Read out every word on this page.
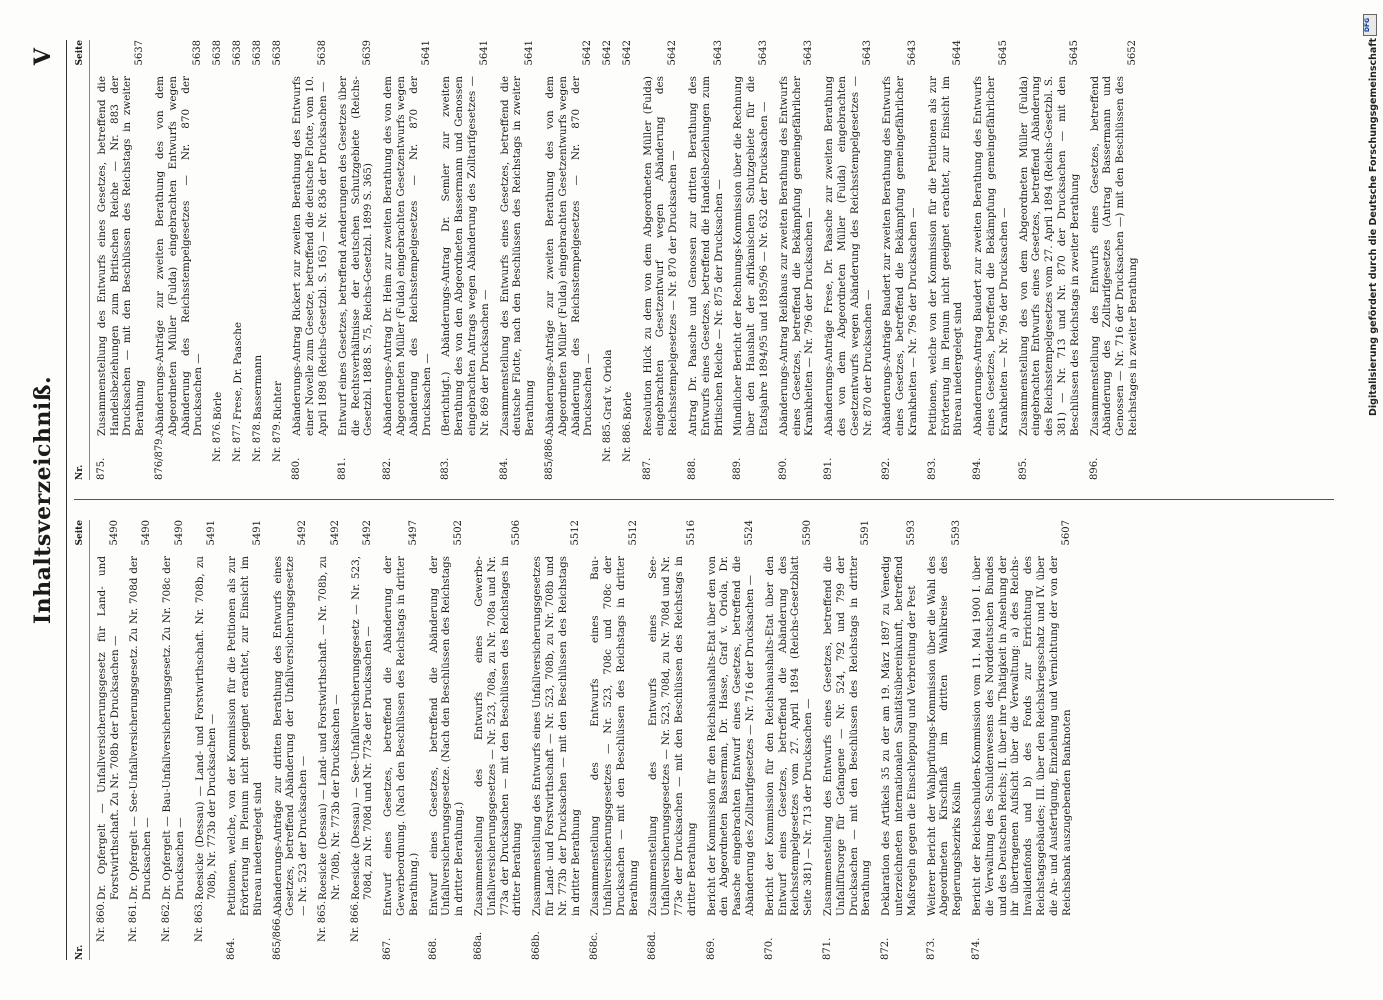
Inhaltsverzeichniß.
V
Nr.
Seite
Nr. 860.
Dr. Opfergelt — Unfallversicherungsgesetz für Land- und Forstwirthschaft. Zu Nr. 708b der Drucksachen —
5490
Nr. 861.
Dr. Opfergelt — See-Unfallversicherungsgesetz. Zu Nr. 708d der Drucksachen —
5490
Nr. 862.
Dr. Opfergelt — Bau-Unfallversicherungsgesetz. Zu Nr. 708c der Drucksachen —
5490
Nr. 863.
Roesicke (Dessau) — Land- und Forstwirthschaft. Nr. 708b, zu 708b, Nr. 773b der Drucksachen —
5491
864.
Petitionen, welche, von der Kommission für die Petitionen als zur Erörterung im Plenum nicht geeignet erachtet, zur Einsicht im Büreau niedergelegt sind
5491
865/866.
Abänderungs-Anträge zur dritten Berathung des Entwurfs eines Gesetzes, betreffend Abänderung der Unfallversicherungsgesetze — Nr. 523 der Drucksachen —
5492
Nr. 865.
Roesicke (Dessau) — Land- und Forstwirthschaft. — Nr. 708b, zu Nr. 708b, Nr. 773b der Drucksachen —
5492
Nr. 866.
Roesicke (Dessau) — See-Unfallversicherungsgesetz — Nr. 523, 708d, zu Nr. 708d und Nr. 773e der Drucksachen —
5492
867.
Entwurf eines Gesetzes, betreffend die Abänderung der Gewerbeordnung. (Nach den Beschlüssen des Reichstags in dritter Berathung.)
5497
868.
Entwurf eines Gesetzes, betreffend die Abänderung der Unfallversicherungsgesetze. (Nach den Beschlüssen des Reichstags in dritter Berathung.)
5502
868a.
Zusammenstellung des Entwurfs eines Gewerbe-Unfallversicherungsgesetzes — Nr. 523, 708a, zu Nr. 708a und Nr. 773a der Drucksachen — mit den Beschlüssen des Reichstages in dritter Berathung
5506
868b.
Zusammenstellung des Entwurfs eines Unfallversicherungsgesetzes für Land- und Forstwirthschaft — Nr. 523, 708b, zu Nr. 708b und Nr. 773b der Drucksachen — mit den Beschlüssen des Reichstags in dritter Berathung
5512
868c.
Zusammenstellung des Entwurfs eines Bau-Unfallversicherungsgesetzes — Nr. 523, 708c und 708c der Drucksachen — mit den Beschlüssen des Reichstags in dritter Berathung
5512
868d.
Zusammenstellung des Entwurfs eines See-Unfallversicherungsgesetzes — Nr. 523, 708d, zu Nr. 708d und Nr. 773e der Drucksachen — mit den Beschlüssen des Reichstags in dritter Berathung
5516
869.
Bericht der Kommission für den Reichshaushalts-Etat über den von den Abgeordneten Basserman, Dr. Hasse, Graf v. Oriola, Dr. Paasche eingebrachten Entwurf eines Gesetzes, betreffend die Abänderung des Zolltarifgesetzes — Nr. 716 der Drucksachen —
5524
870.
Bericht der Kommission für den Reichshaushalts-Etat über den Entwurf eines Gesetzes, betreffend die Abänderung des Reichsstempelgesetzes vom 27. April 1894 (Reichs-Gesetzblatt Seite 381) — Nr. 713 der Drucksachen —
5590
871.
Zusammenstellung des Entwurfs eines Gesetzes, betreffend die Unfallfürsorge für Gefangene — Nr. 524, 792 und 799 der Drucksachen — mit den Beschlüssen des Reichstags in dritter Berathung
5591
872.
Deklaration des Artikels 35 zu der am 19. März 1897 zu Venedig unterzeichneten internationalen Sanitätsübereinkunft, betreffend Maßregeln gegen die Einschleppung und Verbreitung der Pest
5593
873.
Weiterer Bericht der Wahlprüfungs-Kommission über die Wahl des Abgeordneten Kirschflaß im dritten Wahlkreise des Regierungsbezirks Köslin
5593
874.
Bericht der Reichsschulden-Kommission vom 11. Mai 1900 I. über die Verwaltung des Schuldenwesens des Norddeutschen Bundes und des Deutschen Reichs; II. über ihre Thätigkeit in Ansehung der ihr übertragenen Aufsicht über die Verwaltung: a) des Reichs-Invalidenfonds und b) des Fonds zur Errichtung des Reichstagsgebäudes; III. über den Reichskriegsschatz und IV. über die An- und Ausfertigung, Einziehung und Vernichtung der von der Reichsbank auszugebenden Banknoten
5607
Nr.
Seite
875.
Zusammenstellung des Entwurfs eines Gesetzes, betreffend die Handelsbeziehungen zum Britischen Reiche — Nr. 883 der Drucksachen — mit den Beschlüssen des Reichstags in zweiter Berathung
5637
876/879.
Abänderungs-Anträge zur zweiten Berathung des von dem Abgeordneten Müller (Fulda) eingebrachten Entwurfs wegen Abänderung des Reichsstempelgesetzes — Nr. 870 der Drucksachen —
5638
Nr. 876.
Börle
5638
Nr. 877.
Frese, Dr. Paasche
5638
Nr. 878.
Bassermann
5638
Nr. 879.
Richter
5638
880.
Abänderungs-Antrag Rickert zur zweiten Berathung des Entwurfs einer Novelle zum Gesetze, betreffend die deutsche Flotte, vom 10. April 1898 (Reichs-Gesetzbl. S. 165) — Nr. 836 der Drucksachen —
5638
881.
Entwurf eines Gesetzes, betreffend Aenderungen des Gesetzes über die Rechtsverhältnisse der deutschen Schutzgebiete (Reichs-Gesetzbl. 1888 S. 75, Reichs-Gesetzbl. 1899 S. 365)
5639
882.
Abänderungs-Antrag Dr. Heim zur zweiten Berathung des von dem Abgeordneten Müller (Fulda) eingebrachten Gesetzentwurfs wegen Abänderung des Reichsstempelgesetzes — Nr. 870 der Drucksachen —
5641
883.
(Berichtigt.) Abänderungs-Antrag Dr. Semler zur zweiten Berathung des von den Abgeordneten Bassermann und Genossen eingebrachten Antrags wegen Abänderung des Zolltarifgesetzes — Nr. 869 der Drucksachen —
5641
884.
Zusammenstellung des Entwurfs eines Gesetzes, betreffend die deutsche Flotte, nach den Beschlüssen des Reichstags in zweiter Berathung
5641
885/886.
Abänderungs-Anträge zur zweiten Berathung des von dem Abgeordneten Müller (Fulda) eingebrachten Gesetzentwurfs wegen Abänderung des Reichsstempelgesetzes — Nr. 870 der Drucksachen —
5642
Nr. 885.
Graf v. Oriola
5642
Nr. 886.
Börle
5642
887.
Resolution Hilck zu dem von dem Abgeordneten Müller (Fulda) eingebrachten Gesetzentwurf wegen Abänderung des Reichsstempelgesetzes — Nr. 870 der Drucksachen —
5642
888.
Antrag Dr. Paasche und Genossen zur dritten Berathung des Entwurfs eines Gesetzes, betreffend die Handelsbeziehungen zum Britischen Reiche — Nr. 875 der Drucksachen —
5643
889.
Mündlicher Bericht der Rechnungs-Kommission über die Rechnung über den Haushalt der afrikanischen Schutzgebiete für die Etatsjahre 1894/95 und 1895/96 — Nr. 632 der Drucksachen —
5643
890.
Abänderungs-Antrag Reißhaus zur zweiten Berathung des Entwurfs eines Gesetzes, betreffend die Bekämpfung gemeingefährlicher Krankheiten — Nr. 796 der Drucksachen —
5643
891.
Abänderungs-Anträge Frese, Dr. Paasche zur zweiten Berathung des von dem Abgeordneten Müller (Fulda) eingebrachten Gesetzentwurfs wegen Abänderung des Reichsstempelgesetzes — Nr. 870 der Drucksachen —
5643
892.
Abänderungs-Anträge Baudert zur zweiten Berathung des Entwurfs eines Gesetzes, betreffend die Bekämpfung gemeingefährlicher Krankheiten — Nr. 796 der Drucksachen —
5643
893.
Petitionen, welche von der Kommission für die Petitionen als zur Erörterung im Plenum nicht geeignet erachtet, zur Einsicht im Büreau niedergelegt sind
5644
894.
Abänderungs-Antrag Baudert zur zweiten Berathung des Entwurfs eines Gesetzes, betreffend die Bekämpfung gemeingefährlicher Krankheiten — Nr. 796 der Drucksachen —
5645
895.
Zusammenstellung des von dem Abgeordneten Müller (Fulda) eingebrachten Entwurfs eines Gesetzes, betreffend Abänderung des Reichsstempelgesetzes vom 27. April 1894 (Reichs-Gesetzbl. S. 381) — Nr. 713 und Nr. 870 der Drucksachen — mit den Beschlüssen des Reichstags in zweiter Berathung
5645
896.
Zusammenstellung des Entwurfs eines Gesetzes, betreffend Abänderung des Zolltarifgesetzes (Antrag Bassermann und Genossen — Nr. 716 der Drucksachen —) mit den Beschlüssen des Reichstages in zweiter Berathung
5652
DFG
Digitalisierung gefördert durch die Deutsche Forschungsgemeinschaft
